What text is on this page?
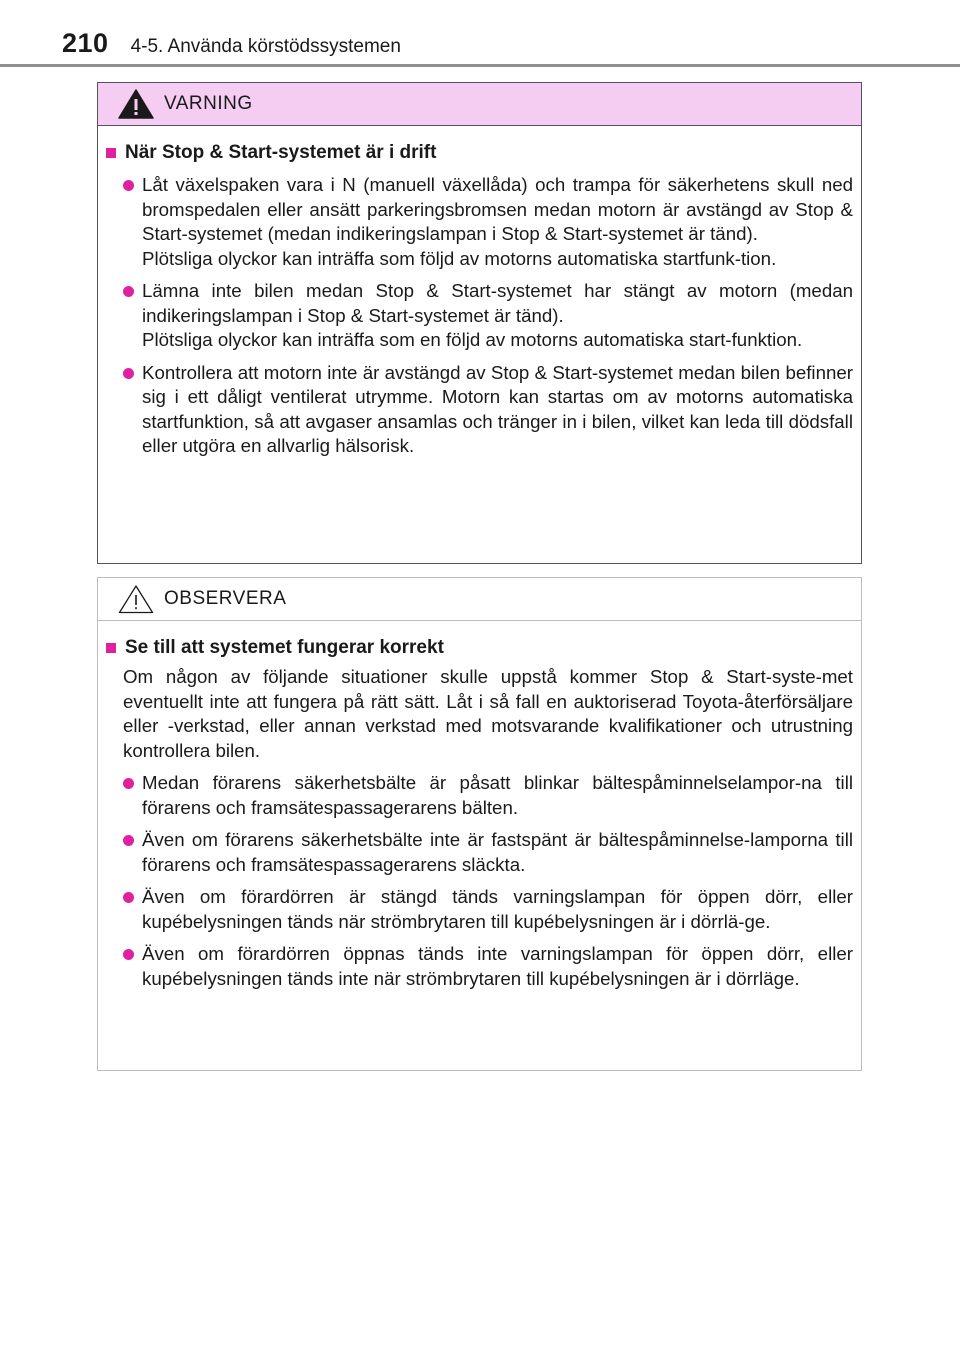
210 4-5. Använda körstödssystemen
VARNING
När Stop & Start-systemet är i drift

Låt växelspaken vara i N (manuell växellåda) och trampa för säkerhetens skull ned bromspedalen eller ansätt parkeringsbromsen medan motorn är avstängd av Stop & Start-systemet (medan indikeringslampan i Stop & Start-systemet är tänd).

Plötsliga olyckor kan inträffa som följd av motorns automatiska startfunk-tion.

Lämna inte bilen medan Stop & Start-systemet har stängt av motorn (medan indikeringslampan i Stop & Start-systemet är tänd).

Plötsliga olyckor kan inträffa som en följd av motorns automatiska start-funktion.

Kontrollera att motorn inte är avstängd av Stop & Start-systemet medan bilen befinner sig i ett dåligt ventilerat utrymme. Motorn kan startas om av motorns automatiska startfunktion, så att avgaser ansamlas och tränger in i bilen, vilket kan leda till dödsfall eller utgöra en allvarlig hälsorisk.

OBSERVERA
Se till att systemet fungerar korrekt
Om någon av följande situationer skulle uppstå kommer Stop & Start-syste-met eventuellt inte att fungera på rätt sätt. Låt i så fall en auktoriserad Toyota-återförsäljare eller -verkstad, eller annan verkstad med motsvarande kvalifikationer och utrustning kontrollera bilen.

Medan förarens säkerhetsbälte är påsatt blinkar bältespåminnelselampor-na till förarens och framsätespassagerarens bälten.

Även om förarens säkerhetsbälte inte är fastspänt är bältespåminnelse-lamporna till förarens och framsätespassagerarens släckta.

Även om förardörren är stängd tänds varningslampan för öppen dörr, eller kupébelysningen tänds när strömbrytaren till kupébelysningen är i dörrlä-ge.

Även om förardörren öppnas tänds inte varningslampan för öppen dörr, eller kupébelysningen tänds inte när strömbrytaren till kupébelysningen är i dörrläge.
